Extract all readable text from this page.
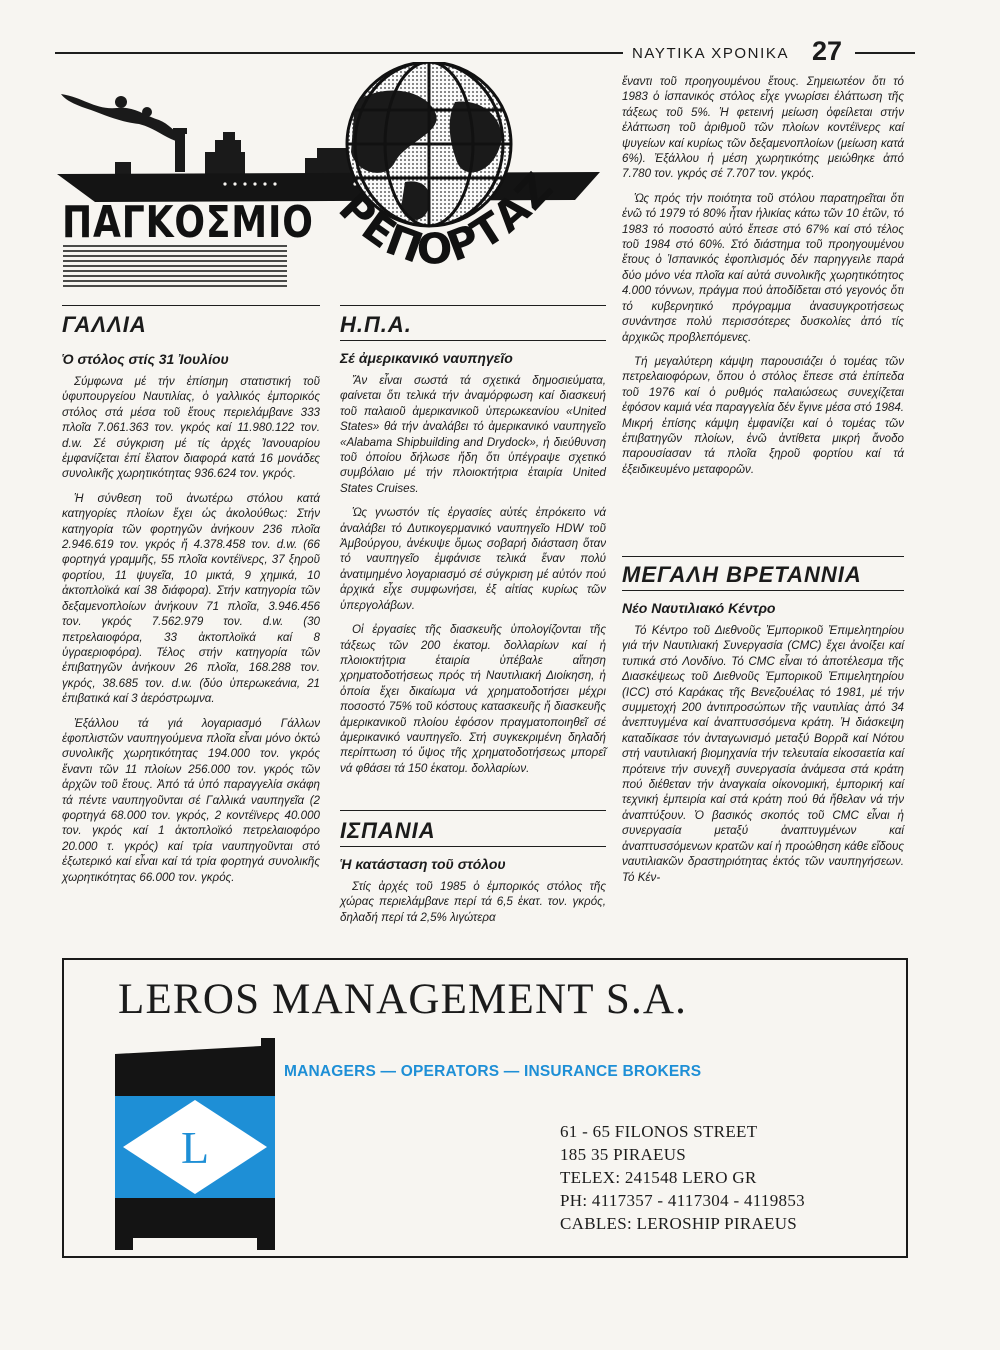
ΝΑΥΤΙΚΑ ΧΡΟΝΙΚΑ 27
ΠΑΓΚΟΣΜΙΟ ΡΕΠΟΡΤΑΖ
ΓΑΛΛΙΑ
Ὁ στόλος στίς 31 Ἰουλίου

Σύμφωνα μέ τήν ἐπίσημη στατιστική τοῦ ὑφυπουργείου Ναυτιλίας, ὁ γαλλικός ἐμπορικός στόλος στά μέσα τοῦ ἔτους περιελάμβανε 333 πλοῖα 7.061.363 τον. γκρός καί 11.980.122 τον. d.w. Σέ σύγκριση μέ τίς ἀρχές Ἰανουαρίου ἐμφανίζεται ἐπί ἔλατον διαφορά κατά 16 μονάδες συνολικῆς χωρητικότητας 936.624 τον. γκρός.

Ἡ σύνθεση τοῦ ἀνωτέρω στόλου κατά κατηγορίες πλοίων ἔχει ὡς ἀκολούθως: Στήν κατηγορία τῶν φορτηγῶν ἀνήκουν 236 πλοῖα 2.946.619 τον. γκρός ἤ 4.378.458 τον. d.w. (66 φορτηγά γραμμῆς, 55 πλοῖα κοντέϊνερς, 37 ξηροῦ φορτίου, 11 ψυγεῖα, 10 μικτά, 9 χημικά, 10 ἀκτοπλοϊκά καί 38 διάφορα). Στήν κατηγορία τῶν δεξαμενοπλοίων ἀνήκουν 71 πλοῖα, 3.946.456 τον. γκρός 7.562.979 τον. d.w. (30 πετρελαιοφόρα, 33 ἀκτοπλοϊκά καί 8 ὑγραεριοφόρα). Τέλος στήν κατηγορία τῶν ἐπιβατηγῶν ἀνήκουν 26 πλοῖα, 168.288 τον. γκρός, 38.685 τον. d.w. (δύο ὑπερωκεάνια, 21 ἐπιβατικά καί 3 ἀερόστρωμνα.

Ἐξάλλου τά γιά λογαριασμό Γάλλων ἐφοπλιστῶν ναυπηγούμενα πλοῖα εἶναι μόνο ὀκτώ συνολικῆς χωρητικότητας 194.000 τον. γκρός ἔναντι τῶν 11 πλοίων 256.000 τον. γκρός τῶν ἀρχῶν τοῦ ἔτους. Ἀπό τά ὑπό παραγγελία σκάφη τά πέντε ναυπηγοῦνται σέ Γαλλικά ναυπηγεῖα (2 φορτηγά 68.000 τον. γκρός, 2 κοντέϊνερς 40.000 τον. γκρός καί 1 ἀκτοπλοϊκό πετρελαιοφόρο 20.000 τ. γκρός) καί τρία ναυπηγοῦνται στό ἐξωτερικό καί εἶναι καί τά τρία φορτηγά συνολικῆς χωρητικότητας 66.000 τον. γκρός.

Η.Π.Α.
Σέ ἀμερικανικό ναυπηγεῖο

Ἄν εἶναι σωστά τά σχετικά δημοσιεύματα, φαίνεται ὅτι τελικά τήν ἀναμόρφωση καί διασκευή τοῦ παλαιοῦ ἀμερικανικοῦ ὑπερωκεανίου «United States» θά τήν ἀναλάβει τό ἀμερικανικό ναυπηγεῖο «Alabama Shipbuilding and Drydock», ἡ διεύθυνση τοῦ ὁποίου δήλωσε ἤδη ὅτι ὑπέγραψε σχετικό συμβόλαιο μέ τήν πλοιοκτήτρια ἑταιρία United States Cruises.

Ὡς γνωστόν τίς ἐργασίες αὐτές ἐπρόκειτο νά ἀναλάβει τό Δυτικογερμανικό ναυπηγεῖο HDW τοῦ Ἀμβούργου, ἀνέκυψε ὅμως σοβαρή διάσταση ὅταν τό ναυπηγεῖο ἐμφάνισε τελικά ἕναν πολύ ἀνατιμημένο λογαριασμό σέ σύγκριση μέ αὐτόν πού ἀρχικά εἶχε συμφωνήσει, ἐξ αἰτίας κυρίως τῶν ὑπεργολάβων.

Οἱ ἐργασίες τῆς διασκευῆς ὑπολογίζονται τῆς τάξεως τῶν 200 ἑκατομ. δολλαρίων καί ἡ πλοιοκτήτρια ἑταιρία ὑπέβαλε αἴτηση χρηματοδοτήσεως πρός τή Ναυτιλιακή Διοίκηση, ἡ ὁποία ἔχει δικαίωμα νά χρηματοδοτήσει μέχρι ποσοστό 75% τοῦ κόστους κατασκευῆς ἤ διασκευῆς ἀμερικανικοῦ πλοίου ἐφόσον πραγματοποιηθεῖ σέ ἀμερικανικό ναυπηγεῖο. Στή συγκεκριμένη δηλαδή περίπτωση τό ὕψος τῆς χρηματοδοτήσεως μπορεῖ νά φθάσει τά 150 ἑκατομ. δολλαρίων.

ΙΣΠΑΝΙΑ
Ἡ κατάσταση τοῦ στόλου

Στίς ἀρχές τοῦ 1985 ὁ ἐμπορικός στόλος τῆς χώρας περιελάμβανε περί τά 6,5 ἑκατ. τον. γκρός, δηλαδή περί τά 2,5% λιγώτερα

ἔναντι τοῦ προηγουμένου ἔτους. Σημειωτέον ὅτι τό 1983 ὁ ἱσπανικός στόλος εἶχε γνωρίσει ἐλάττωση τῆς τάξεως τοῦ 5%. Ἡ φετεινή μείωση ὀφείλεται στήν ἐλάττωση τοῦ ἀριθμοῦ τῶν πλοίων κοντέϊνερς καί ψυγείων καί κυρίως τῶν δεξαμενοπλοίων (μείωση κατά 6%). Ἐξάλλου ἡ μέση χωρητικότης μειώθηκε ἀπό 7.780 τον. γκρός σέ 7.707 τον. γκρός.

Ὡς πρός τήν ποιότητα τοῦ στόλου παρατηρεῖται ὅτι ἐνῶ τό 1979 τό 80% ἦταν ἡλικίας κάτω τῶν 10 ἐτῶν, τό 1983 τό ποσοστό αὐτό ἔπεσε στό 67% καί στό τέλος τοῦ 1984 στό 60%. Στό διάστημα τοῦ προηγουμένου ἔτους ὁ Ἱσπανικός ἐφοπλισμός δέν παρηγγειλε παρά δύο μόνο νέα πλοῖα καί αὐτά συνολικῆς χωρητικότητος 4.000 τόννων, πράγμα πού ἀποδίδεται στό γεγονός ὅτι τό κυβερνητικό πρόγραμμα ἀνασυγκροτήσεως συνάντησε πολύ περισσότερες δυσκολίες ἀπό τίς ἀρχικῶς προβλεπόμενες.

Τή μεγαλύτερη κάμψη παρουσιάζει ὁ τομέας τῶν πετρελαιοφόρων, ὅπου ὁ στόλος ἔπεσε στά ἐπίπεδα τοῦ 1976 καί ὁ ρυθμός παλαιώσεως συνεχίζεται ἐφόσον καμιά νέα παραγγελία δέν ἔγινε μέσα στό 1984. Μικρή ἐπίσης κάμψη ἐμφανίζει καί ὁ τομέας τῶν ἐπιβατηγῶν πλοίων, ἐνῶ ἀντίθετα μικρή ἄνοδο παρουσίασαν τά πλοῖα ξηροῦ φορτίου καί τά ἐξειδικευμένο μεταφορῶν.

ΜΕΓΑΛΗ ΒΡΕΤΑΝΝΙΑ
Νέο Ναυτιλιακό Κέντρο

Τό Κέντρο τοῦ Διεθνοῦς Ἐμπορικοῦ Ἐπιμελητηρίου γιά τήν Ναυτιλιακή Συνεργασία (CMC) ἔχει ἀνοίξει καί τυπικά στό Λονδίνο. Τό CMC εἶναι τό ἀποτέλεσμα τῆς Διασκέψεως τοῦ Διεθνοῦς Ἐμπορικοῦ Ἐπιμελητηρίου (ICC) στό Καράκας τῆς Βενεζουέλας τό 1981, μέ τήν συμμετοχή 200 ἀντιπροσώπων τῆς ναυτιλίας ἀπό 34 ἀνεπτυγμένα καί ἀναπτυσσόμενα κράτη. Ἡ διάσκεψη καταδίκασε τόν ἀνταγωνισμό μεταξύ Βορρᾶ καί Νότου στή ναυτιλιακή βιομηχανία τήν τελευταία εἰκοσαετία καί πρότεινε τήν συνεχῆ συνεργασία ἀνάμεσα στά κράτη πού διέθεταν τήν ἀναγκαία οἰκονομική, ἐμπορική καί τεχνική ἐμπειρία καί στά κράτη πού θά ἤθελαν νά τήν ἀναπτύξουν. Ὁ βασικός σκοπός τοῦ CMC εἶναι ἡ συνεργασία μεταξύ ἀναπτυγμένων καί ἀναπτυσσόμενων κρατῶν καί ἡ προώθηση κάθε εἴδους ναυτιλιακῶν δραστηριότητας ἐκτός τῶν ναυπηγήσεων. Τό Κέν-

LEROS MANAGEMENT S.A.
L
MANAGERS — OPERATORS — INSURANCE BROKERS
61 - 65 FILONOS STREET
185 35 PIRAEUS
TELEX: 241548 LERO GR
PH: 4117357 - 4117304 - 4119853
CABLES: LEROSHIP PIRAEUS
